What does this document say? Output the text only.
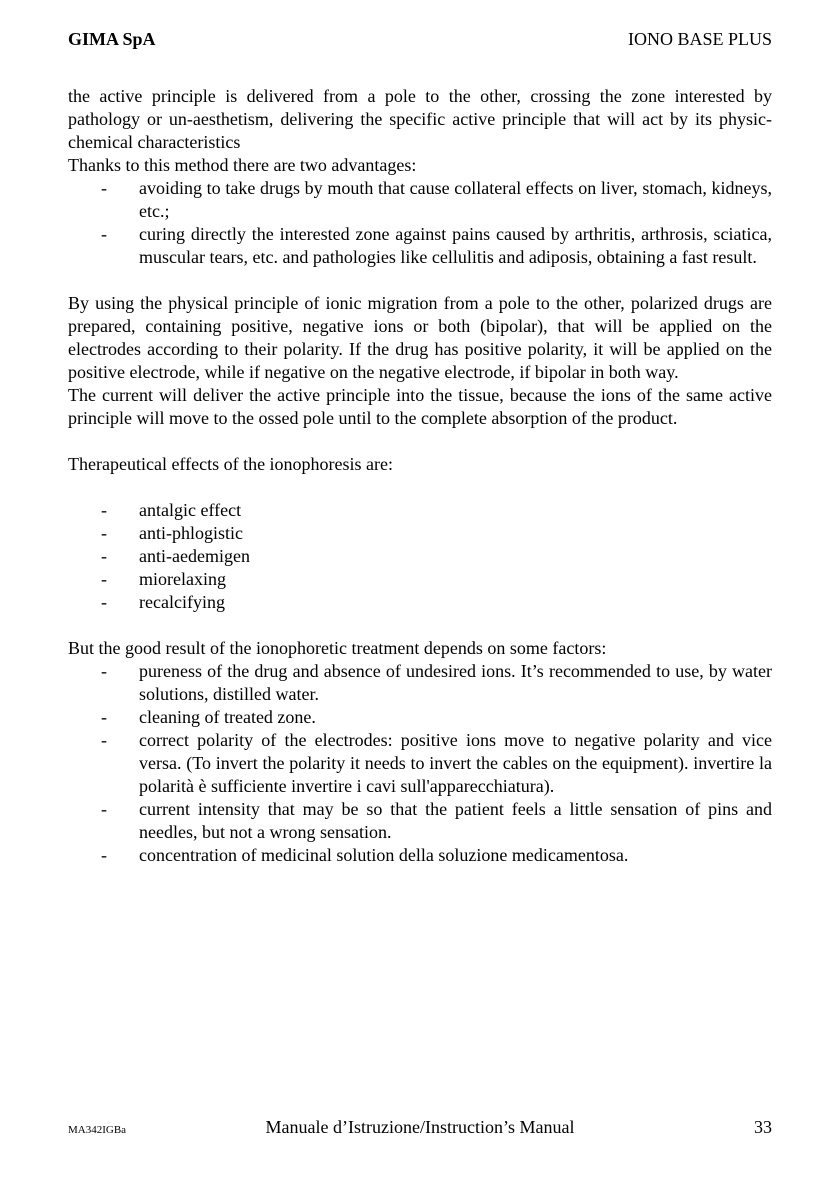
GIMA SpA	IONO BASE PLUS

the active principle is delivered from a pole to the other, crossing the zone interested by pathology or un-aesthetism, delivering the specific active principle that will act by its physic-chemical characteristics

Thanks to this method there are two advantages:

- avoiding to take drugs by mouth that cause collateral effects on liver, stomach, kidneys, etc.;
- curing directly the interested zone against pains caused by arthritis, arthrosis, sciatica, muscular tears, etc. and pathologies like cellulitis and adiposis, obtaining a fast result.

By using the physical principle of ionic migration from a pole to the other, polarized drugs are prepared, containing positive, negative ions or both (bipolar), that will be applied on the electrodes according to their polarity. If the drug has positive polarity, it will be applied on the positive electrode, while if negative on the negative electrode, if bipolar in both way.

The current will deliver the active principle into the tissue, because the ions of the same active principle will move to the ossed pole until to the complete absorption of the product.

Therapeutical effects of the ionophoresis are:

- antalgic effect
- anti-phlogistic
- anti-aedemigen
- miorelaxing
- recalcifying

But the good result of the ionophoretic treatment depends on some factors:

- pureness of the drug and absence of undesired ions. It’s recommended to use, by water solutions, distilled water.
- cleaning of treated zone.
- correct polarity of the electrodes: positive ions move to negative polarity and vice versa. (To invert the polarity it needs to invert the cables on the equipment). invertire la polarità è sufficiente invertire i cavi sull'apparecchiatura).
- current intensity that may be so that the patient feels a little sensation of pins and needles, but not a wrong sensation.
- concentration of medicinal solution della soluzione medicamentosa.
MA342IGBa	Manuale d’Istruzione/Instruction’s Manual	33
